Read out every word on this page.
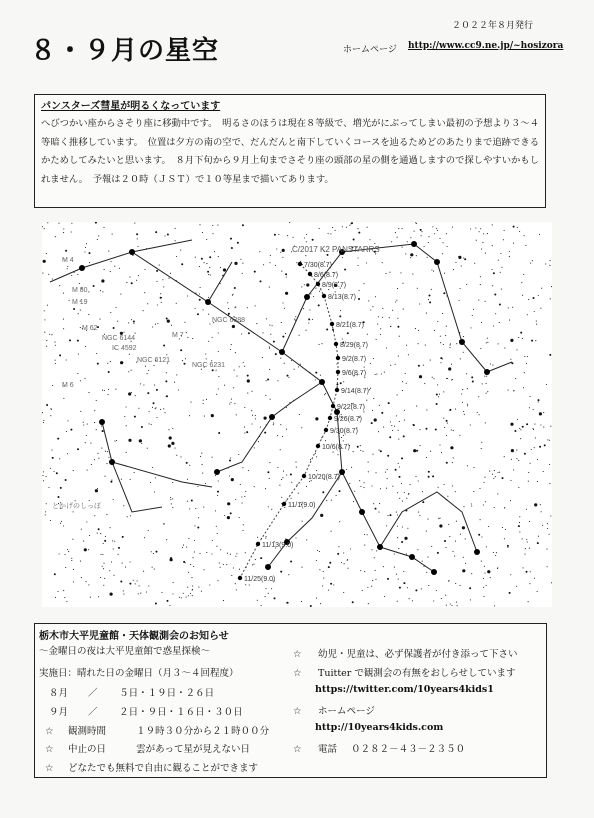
２０２２年８月発行
８・９月の星空	ホームページ http://www.cc9.ne.jp/~hosizora

パンスターズ彗星が明るくなっています

へびつかい座からさそり座に移動中です。　明るさのほうは現在８等級で、増光がにぶってしまい最初の予想より３～４等暗く推移しています。　位置は夕方の南の空で、だんだんと南下していくコースを辿るためどのあたりまで追跡できるかためしてみたいと思います。　８月下旬から９月上旬までさそり座の頭部の星の側を通過しますので探しやすいかもしれません。　予報は２０時（ＪＳＴ）で１０等星まで描いてあります。

7/30(8.7)
8/6(8.7)
8/9(8.7)
8/13(8.7)
8/21(8.7)
8/29(8.7)
9/2(8.7)
9/6(8.7)
9/14(8.7)
9/22(8.7)
9/26(8.7)
9/30(8.7)
10/6(8.7)
10/20(8.7)
11/1(9.0)
11/13(9.0)
11/25(9.0)
C/2017 K2 PANSTARRS
M 4
M 80
M 19
M 62
NGC 6144
IC 4592
NGC 6121
M 6
M 7
NGC 6231
NGC 6388
とかげのしっぽ
栃木市大平児童館・天体観測会のお知らせ
～金曜日の夜は大平児童館で惑星探検～
実施日：晴れた日の金曜日（月３～４回程度）
８月 ／ ５日・１９日・２６日
９月 ／ ２日・９日・１６日・３０日
☆ 観測時間	１９時３０分から２１時００分
☆ 中止の日	雲があって星が見えない日
☆ どなたでも無料で自由に観ることができます
☆ 幼児・児童は、必ず保護者が付き添って下さい
☆ Tuitter で観測会の有無をおしらせしています
https://twitter.com/10years4kids1
☆ ホームページ
http://10years4kids.com
☆ 電話 ０２８２－４３－２３５０
